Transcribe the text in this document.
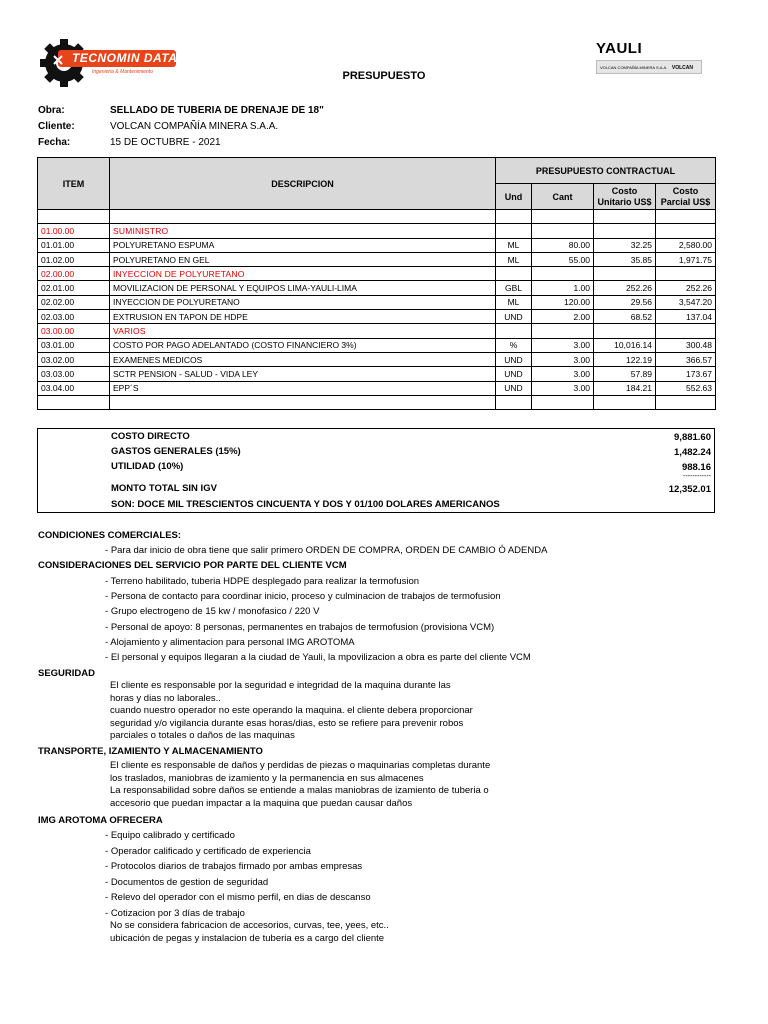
TECNOMIN DATA
Ingenieria & Mantenimiento
YAULI
VOLCAN COMPAÑÍA MINERA S.A.A. VOLCAN
PRESUPUESTO
Obra:	SELLADO DE TUBERIA DE DRENAJE DE 18"
Cliente:	VOLCAN COMPAÑÍA MINERA S.A.A.
Fecha:	15 DE OCTUBRE - 2021
ITEM	DESCRIPCION	PRESUPUESTO CONTRACTUAL			
		Und	Cant	Costo Unitario US$	Costo Parcial US$

01.00.00	SUMINISTRO				
01.01.00	POLYURETANO ESPUMA	ML	80.00	32.25	2,580.00
01.02.00	POLYURETANO EN GEL	ML	55.00	35.85	1,971.75
02.00.00	INYECCION DE POLYURETANO				
02.01.00	MOVILIZACION DE PERSONAL Y EQUIPOS LIMA-YAULI-LIMA	GBL	1.00	252.26	252.26
02.02.00	INYECCION DE POLYURETANO	ML	120.00	29.56	3,547.20
02.03.00	EXTRUSION EN TAPON DE HDPE	UND	2.00	68.52	137.04
03.00.00	VARIOS				
03.01.00	COSTO POR PAGO ADELANTADO (COSTO FINANCIERO 3%)	%	3.00	10,016.14	300.48
03.02.00	EXAMENES MEDICOS	UND	3.00	122.19	366.57
03.03.00	SCTR PENSION - SALUD - VIDA LEY	UND	3.00	57.89	173.67
03.04.00	EPP´S	UND	3.00	184.21	552.63

COSTO DIRECTO	9,881.60
GASTOS GENERALES (15%)	1,482.24
UTILIDAD (10%)	988.16
------------
MONTO TOTAL SIN IGV	12,352.01
SON: DOCE MIL TRESCIENTOS CINCUENTA Y DOS Y 01/100 DOLARES AMERICANOS
CONDICIONES COMERCIALES:
- Para dar inicio de obra tiene que salir primero ORDEN DE COMPRA, ORDEN DE CAMBIO Ó ADENDA
CONSIDERACIONES DEL SERVICIO POR PARTE DEL CLIENTE VCM
- Terreno habilitado, tuberia HDPE desplegado para realizar la termofusion
- Persona de contacto para coordinar inicio, proceso y culminacion de trabajos de termofusion
- Grupo electrogeno de 15 kw / monofasico / 220 V
- Personal de apoyo: 8 personas, permanentes en trabajos de termofusion (provisiona VCM)
- Alojamiento y alimentacion para personal IMG AROTOMA
- El personal y equipos llegaran a la ciudad de Yauli, la mpovilizacion a obra es parte del cliente VCM
SEGURIDAD
El cliente es responsable por la seguridad e integridad de la maquina durante las
horas y dias no laborales..
cuando nuestro operador no este operando la maquina. el cliente debera proporcionar
seguridad y/o vigilancia durante esas horas/dias, esto se refiere para prevenir robos
parciales o totales o daños de las maquinas
TRANSPORTE, IZAMIENTO Y ALMACENAMIENTO
El cliente es responsable de daños y perdidas de piezas o maquinarias completas durante
los traslados, maniobras de izamiento y la permanencia en sus almacenes
La responsabilidad sobre daños se entiende a malas maniobras de izamiento de tuberia o
accesorio que puedan impactar a la maquina que puedan causar daños
IMG AROTOMA OFRECERA
- Equipo calibrado y certificado
- Operador calificado y certificado de experiencia
- Protocolos diarios de trabajos firmado por ambas empresas
- Documentos de gestion de seguridad
- Relevo del operador con el mismo perfil, en dias de descanso
- Cotizacion por 3 días de trabajo
No se considera fabricacion de accesorios, curvas, tee, yees, etc..
ubicación de pegas y instalacion de tuberia es a cargo del cliente
